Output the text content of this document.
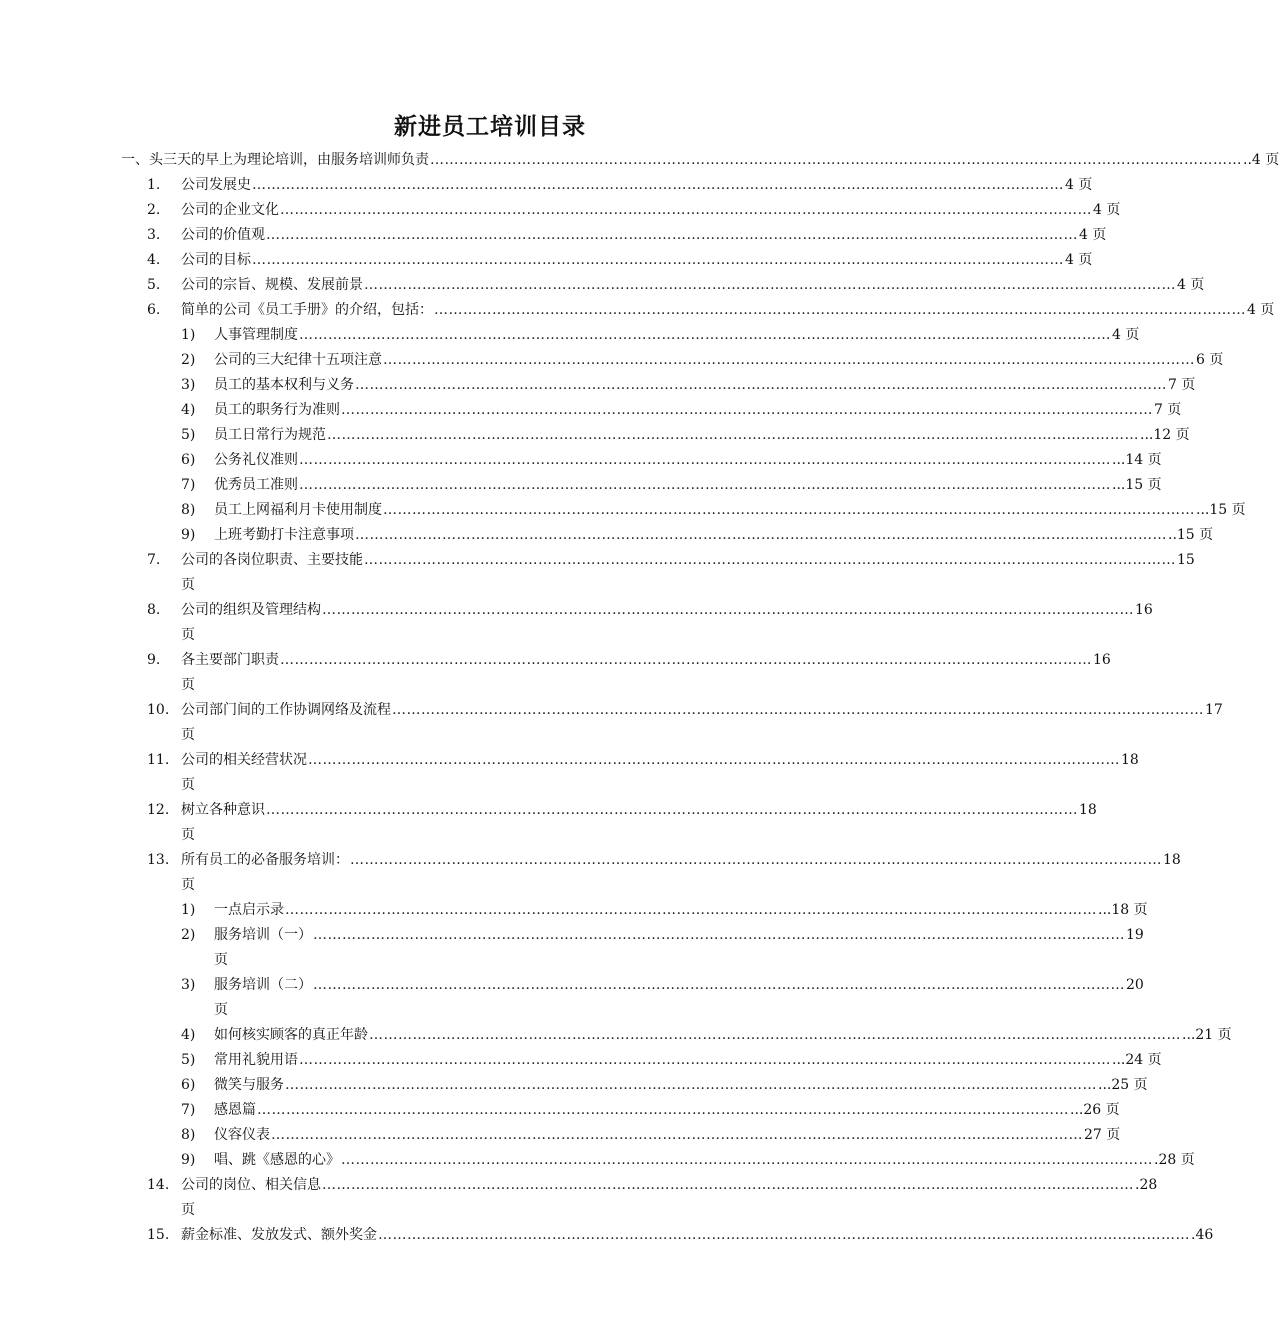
新进员工培训目录
一、头三天的早上为理论培训，由服务培训师负责 …………………………………………………………………………………………………………………………………………………… ..4 页
1. 公司发展史 …………………………………………………………………………………………………………………………………………………… 4 页
2. 公司的企业文化 …………………………………………………………………………………………………………………………………………………… 4 页
3. 公司的价值观 …………………………………………………………………………………………………………………………………………………… 4 页
4. 公司的目标 …………………………………………………………………………………………………………………………………………………… 4 页
5. 公司的宗旨、规模、发展前景 …………………………………………………………………………………………………………………………………………………… 4 页
6. 简单的公司《员工手册》的介绍，包括： …………………………………………………………………………………………………………………………………………………… 4 页
1) 人事管理制度 …………………………………………………………………………………………………………………………………………………… 4 页
2) 公司的三大纪律十五项注意 …………………………………………………………………………………………………………………………………………………… 6 页
3) 员工的基本权利与义务 …………………………………………………………………………………………………………………………………………………… 7 页
4) 员工的职务行为准则 …………………………………………………………………………………………………………………………………………………… 7 页
5) 员工日常行为规范 …………………………………………………………………………………………………………………………………………………… ...12 页
6) 公务礼仪准则 …………………………………………………………………………………………………………………………………………………… ...14 页
7) 优秀员工准则 …………………………………………………………………………………………………………………………………………………… ...15 页
8) 员工上网福利月卡使用制度 …………………………………………………………………………………………………………………………………………………… ...15 页
9) 上班考勤打卡注意事项 …………………………………………………………………………………………………………………………………………………… ..15 页
7. 公司的各岗位职责、主要技能 …………………………………………………………………………………………………………………………………………………… 15
页
8. 公司的组织及管理结构 …………………………………………………………………………………………………………………………………………………… 16
页
9. 各主要部门职责 …………………………………………………………………………………………………………………………………………………… 16
页
10. 公司部门间的工作协调网络及流程 …………………………………………………………………………………………………………………………………………………… 17
页
11. 公司的相关经营状况 …………………………………………………………………………………………………………………………………………………… 18
页
12. 树立各种意识 …………………………………………………………………………………………………………………………………………………… 18
页
13. 所有员工的必备服务培训： …………………………………………………………………………………………………………………………………………………… 18
页
1) 一点启示录 …………………………………………………………………………………………………………………………………………………… ...18 页
2) 服务培训（一） …………………………………………………………………………………………………………………………………………………… 19
页
3) 服务培训（二） …………………………………………………………………………………………………………………………………………………… 20
页
4) 如何核实顾客的真正年龄 …………………………………………………………………………………………………………………………………………………… ...21 页
5) 常用礼貌用语 …………………………………………………………………………………………………………………………………………………… ...24 页
6) 微笑与服务 …………………………………………………………………………………………………………………………………………………… ...25 页
7) 感恩篇 …………………………………………………………………………………………………………………………………………………… ...26 页
8) 仪容仪表 …………………………………………………………………………………………………………………………………………………… 27 页
9) 唱、跳《感恩的心》 …………………………………………………………………………………………………………………………………………………… .28 页
14. 公司的岗位、相关信息 …………………………………………………………………………………………………………………………………………………… .28
页
15. 薪金标准、发放发式、额外奖金 …………………………………………………………………………………………………………………………………………………… .46
